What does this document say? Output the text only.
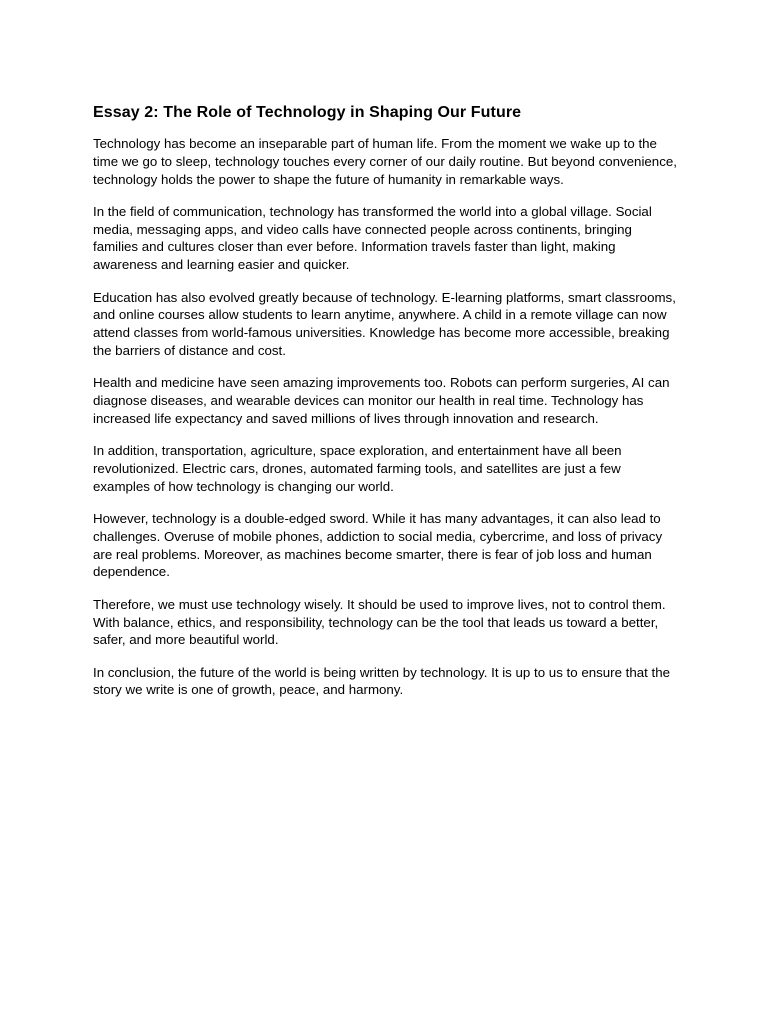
Essay 2: The Role of Technology in Shaping Our Future

Technology has become an inseparable part of human life. From the moment we wake up to the time we go to sleep, technology touches every corner of our daily routine. But beyond convenience, technology holds the power to shape the future of humanity in remarkable ways.

In the field of communication, technology has transformed the world into a global village. Social media, messaging apps, and video calls have connected people across continents, bringing families and cultures closer than ever before. Information travels faster than light, making awareness and learning easier and quicker.

Education has also evolved greatly because of technology. E-learning platforms, smart classrooms, and online courses allow students to learn anytime, anywhere. A child in a remote village can now attend classes from world-famous universities. Knowledge has become more accessible, breaking the barriers of distance and cost.

Health and medicine have seen amazing improvements too. Robots can perform surgeries, AI can diagnose diseases, and wearable devices can monitor our health in real time. Technology has increased life expectancy and saved millions of lives through innovation and research.

In addition, transportation, agriculture, space exploration, and entertainment have all been revolutionized. Electric cars, drones, automated farming tools, and satellites are just a few examples of how technology is changing our world.

However, technology is a double-edged sword. While it has many advantages, it can also lead to challenges. Overuse of mobile phones, addiction to social media, cybercrime, and loss of privacy are real problems. Moreover, as machines become smarter, there is fear of job loss and human dependence.

Therefore, we must use technology wisely. It should be used to improve lives, not to control them. With balance, ethics, and responsibility, technology can be the tool that leads us toward a better, safer, and more beautiful world.

In conclusion, the future of the world is being written by technology. It is up to us to ensure that the story we write is one of growth, peace, and harmony.
